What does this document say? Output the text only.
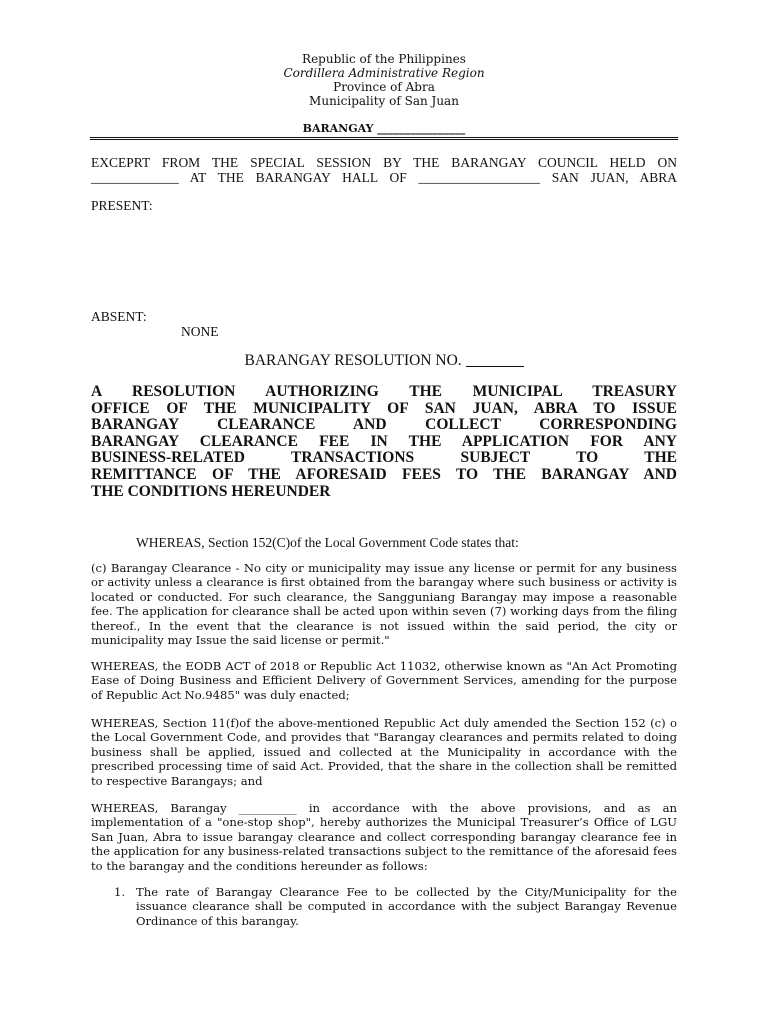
Republic of the Philippines

Cordillera Administrative Region

Province of Abra

Municipality of San Juan

BARANGAY ________________

EXCEPRT FROM THE SPECIAL SESSION BY THE BARANGAY COUNCIL HELD ON

_____________ AT THE BARANGAY HALL OF __________________ SAN JUAN, ABRA

PRESENT:

ABSENT:

NONE

BARANGAY RESOLUTION NO.

A RESOLUTION AUTHORIZING THE MUNICIPAL TREASURY
OFFICE OF THE MUNICIPALITY OF SAN JUAN, ABRA TO ISSUE
BARANGAY CLEARANCE AND COLLECT CORRESPONDING
BARANGAY CLEARANCE FEE IN THE APPLICATION FOR ANY
BUSINESS-RELATED TRANSACTIONS SUBJECT TO THE
REMITTANCE OF THE AFORESAID FEES TO THE BARANGAY AND
THE CONDITIONS HEREUNDER

WHEREAS, Section 152(C)of the Local Government Code states that:

(c) Barangay Clearance - No city or municipality may issue any license or permit for any business or activity unless a clearance is first obtained from the barangay where such business or activity is located or conducted. For such clearance, the Sangguniang Barangay may impose a reasonable fee. The application for clearance shall be acted upon within seven (7) working days from the filing thereof., In the event that the clearance is not issued within the said period, the city or municipality may Issue the said license or permit."

WHEREAS, the EODB ACT of 2018 or Republic Act 11032, otherwise known as "An Act Promoting Ease of Doing Business and Efficient Delivery of Government Services, amending for the purpose of Republic Act No.9485" was duly enacted;

WHEREAS, Section 11(f)of the above-mentioned Republic Act duly amended the Section 152 (c) o the Local Government Code, and provides that "Barangay clearances and permits related to doing business shall be applied, issued and collected at the Municipality in accordance with the prescribed processing time of said Act. Provided, that the share in the collection shall be remitted to respective Barangays; and

WHEREAS, Barangay __________ in accordance with the above provisions, and as an implementation of a "one-stop shop", hereby authorizes the Municipal Treasurer’s Office of LGU San Juan, Abra to issue barangay clearance and collect corresponding barangay clearance fee in the application for any business-related transactions subject to the remittance of the aforesaid fees to the barangay and the conditions hereunder as follows:

1. The rate of Barangay Clearance Fee to be collected by the City/Municipality for the issuance clearance shall be computed in accordance with the subject Barangay Revenue Ordinance of this barangay.
